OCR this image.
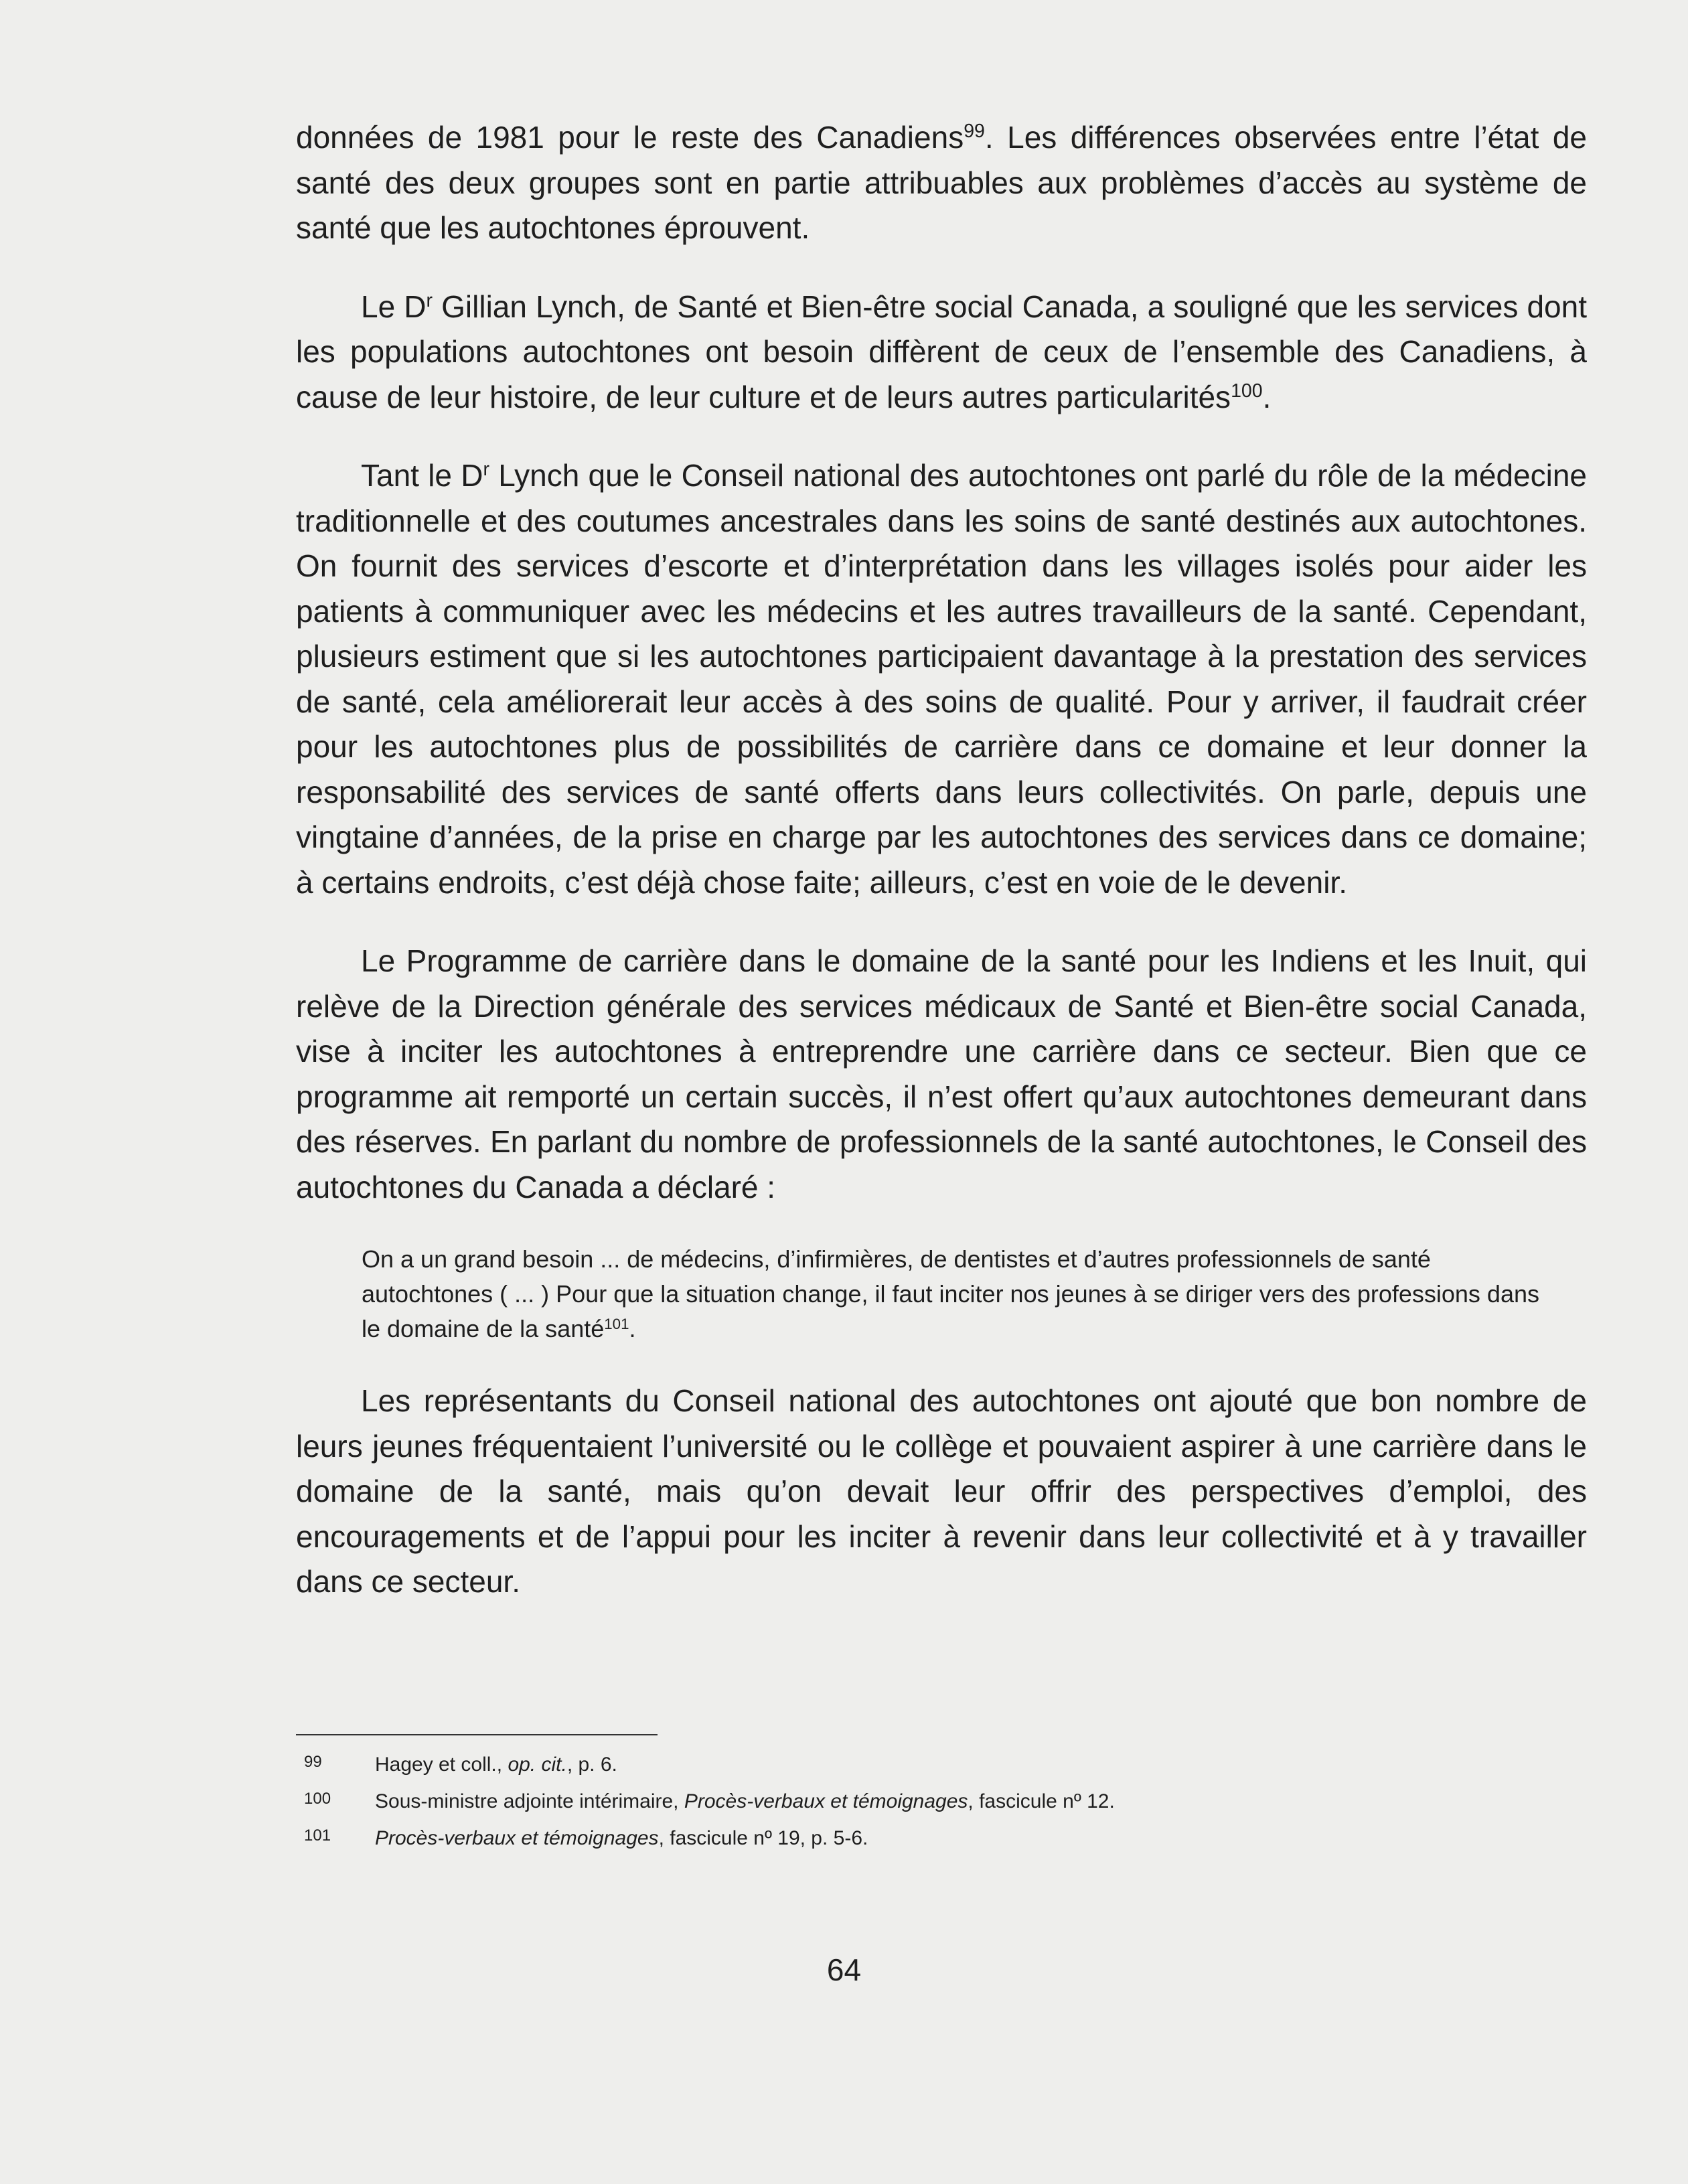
données de 1981 pour le reste des Canadiens$^{99}$. Les différences observées entre l’état de santé des deux groupes sont en partie attribuables aux problèmes d’accès au système de santé que les autochtones éprouvent.

Le $D^r$ Gillian Lynch, de Santé et Bien-être social Canada, a souligné que les services dont les populations autochtones ont besoin diffèrent de ceux de l’ensemble des Canadiens, à cause de leur histoire, de leur culture et de leurs autres particularités$^{100}$.

Tant le $D^r$ Lynch que le Conseil national des autochtones ont parlé du rôle de la médecine traditionnelle et des coutumes ancestrales dans les soins de santé destinés aux autochtones. On fournit des services d’escorte et d’interprétation dans les villages isolés pour aider les patients à communiquer avec les médecins et les autres travailleurs de la santé. Cependant, plusieurs estiment que si les autochtones participaient davantage à la prestation des services de santé, cela améliorerait leur accès à des soins de qualité. Pour y arriver, il faudrait créer pour les autochtones plus de possibilités de carrière dans ce domaine et leur donner la responsabilité des services de santé offerts dans leurs collectivités. On parle, depuis une vingtaine d’années, de la prise en charge par les autochtones des services dans ce domaine; à certains endroits, c’est déjà chose faite; ailleurs, c’est en voie de le devenir.

Le Programme de carrière dans le domaine de la santé pour les Indiens et les Inuit, qui relève de la Direction générale des services médicaux de Santé et Bien-être social Canada, vise à inciter les autochtones à entreprendre une carrière dans ce secteur. Bien que ce programme ait remporté un certain succès, il n’est offert qu’aux autochtones demeurant dans des réserves. En parlant du nombre de professionnels de la santé autochtones, le Conseil des autochtones du Canada a déclaré :

On a un grand besoin ... de médecins, d’infirmières, de dentistes et d’autres professionnels de santé autochtones ( ... ) Pour que la situation change, il faut inciter nos jeunes à se diriger vers des professions dans le domaine de la santé$^{101}$.

Les représentants du Conseil national des autochtones ont ajouté que bon nombre de leurs jeunes fréquentaient l’université ou le collège et pouvaient aspirer à une carrière dans le domaine de la santé, mais qu’on devait leur offrir des perspectives d’emploi, des encouragements et de l’appui pour les inciter à revenir dans leur collectivité et à y travailler dans ce secteur.

99	Hagey et coll., op. cit., p. 6.
100 Sous-ministre adjointe intérimaire, Procès-verbaux et témoignages, fascicule nº 12.
101 Procès-verbaux et témoignages, fascicule nº 19, p. 5-6.
64
